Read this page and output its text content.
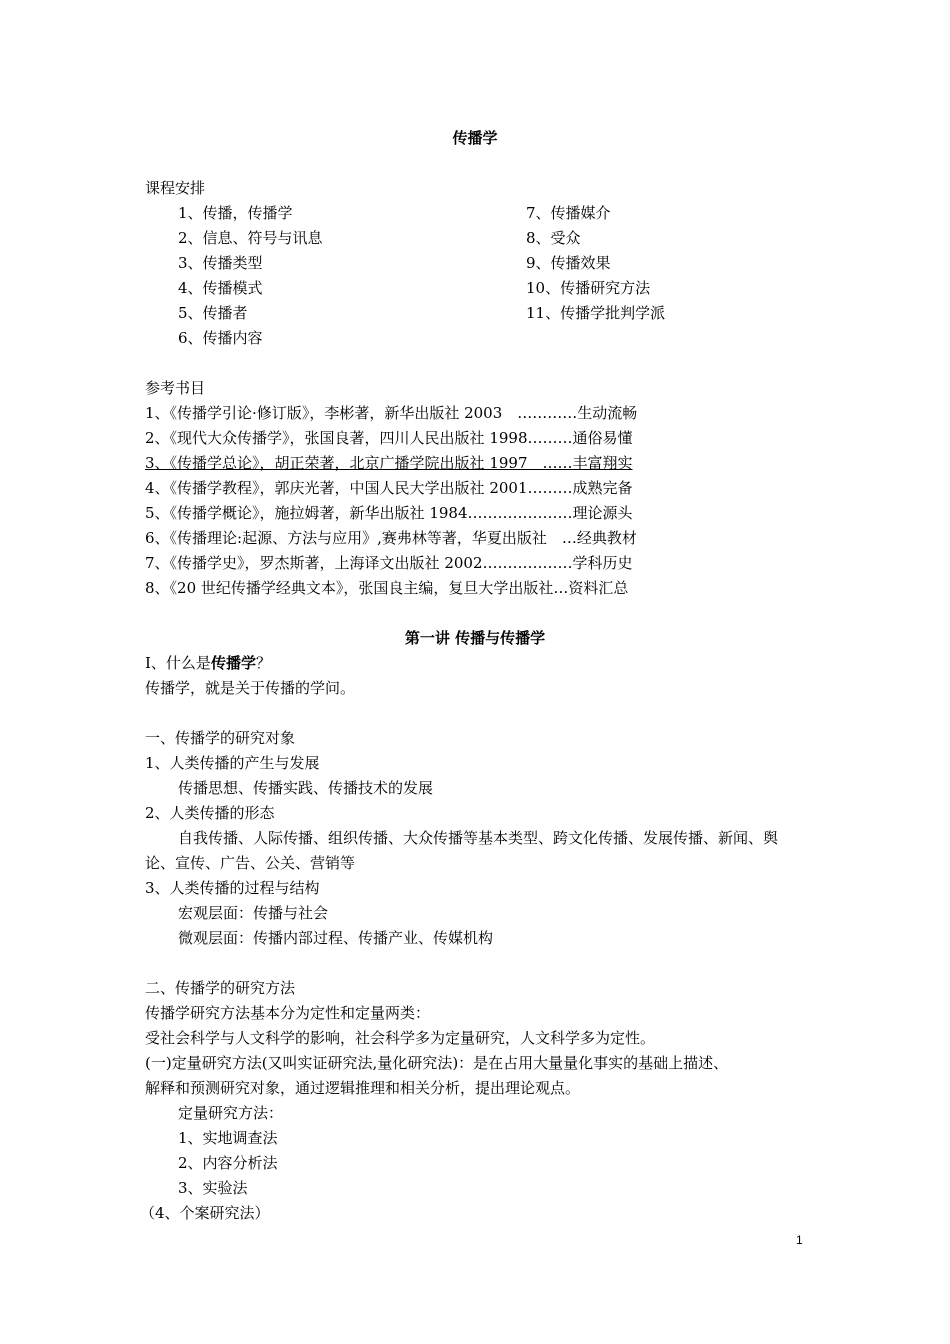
传播学
课程安排
1、传播，传播学
2、信息、符号与讯息
3、传播类型
4、传播模式
5、传播者
6、传播内容
7、传播媒介
8、受众
9、传播效果
10、传播研究方法
11、传播学批判学派
参考书目
1、《传播学引论·修订版》，李彬著，新华出版社 2003　…………生动流畅
2、《现代大众传播学》，张国良著，四川人民出版社 1998………通俗易懂
3、《传播学总论》，胡正荣著，北京广播学院出版社 1997　……丰富翔实
4、《传播学教程》，郭庆光著，中国人民大学出版社 2001………成熟完备
5、《传播学概论》，施拉姆著，新华出版社 1984…………………理论源头
6、《传播理论:起源、方法与应用》,赛弗林等著，华夏出版社　…经典教材
7、《传播学史》，罗杰斯著，上海译文出版社 2002………………学科历史
8、《20 世纪传播学经典文本》，张国良主编，复旦大学出版社…资料汇总
第一讲 传播与传播学
I、什么是传播学？
传播学，就是关于传播的学问。
一、传播学的研究对象
1、人类传播的产生与发展
传播思想、传播实践、传播技术的发展
2、人类传播的形态
自我传播、人际传播、组织传播、大众传播等基本类型、跨文化传播、发展传播、新闻、舆
论、宣传、广告、公关、营销等
3、人类传播的过程与结构
宏观层面：传播与社会
微观层面：传播内部过程、传播产业、传媒机构
二、传播学的研究方法
传播学研究方法基本分为定性和定量两类：
受社会科学与人文科学的影响，社会科学多为定量研究，人文科学多为定性。
(一)定量研究方法(又叫实证研究法,量化研究法)：是在占用大量量化事实的基础上描述、
解释和预测研究对象，通过逻辑推理和相关分析，提出理论观点。
定量研究方法：
1、实地调查法
2、内容分析法
3、实验法
（4、个案研究法）
1
